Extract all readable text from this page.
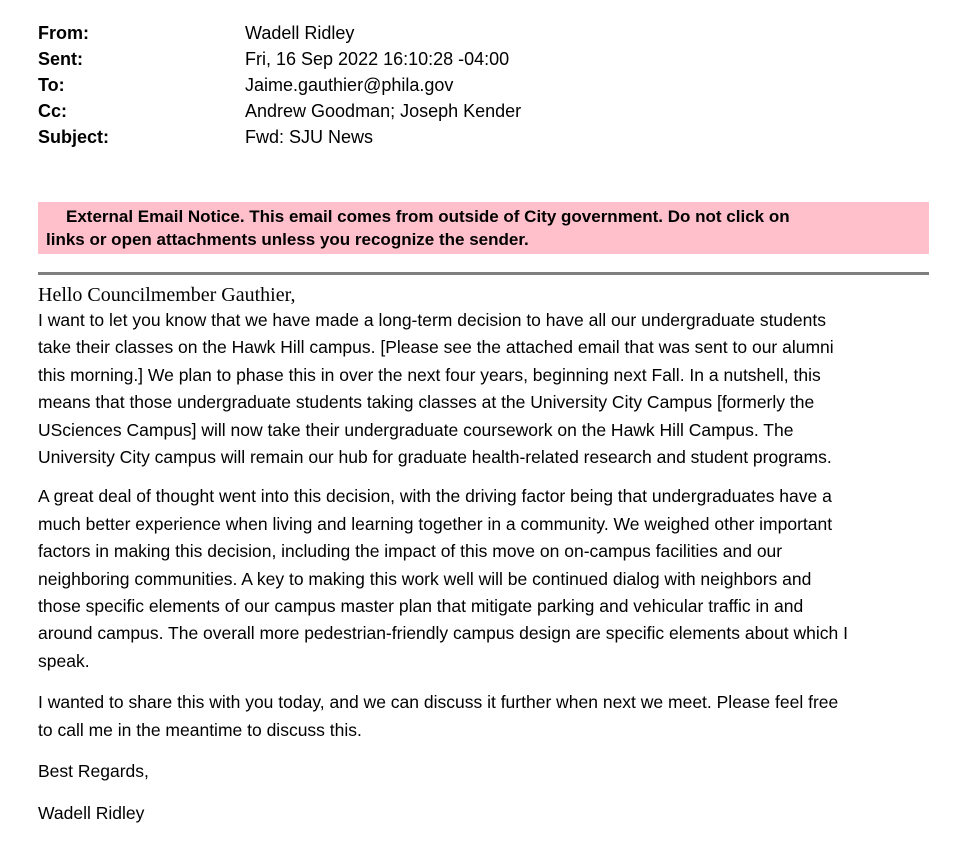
From:	Wadell Ridley
Sent:	Fri, 16 Sep 2022 16:10:28 -04:00
To:	Jaime.gauthier@phila.gov
Cc:	Andrew Goodman; Joseph Kender
Subject:	Fwd: SJU News
External Email Notice. This email comes from outside of City government. Do not click on
links or open attachments unless you recognize the sender.
Hello Councilmember Gauthier,

I want to let you know that we have made a long-term decision to have all our undergraduate students
take their classes on the Hawk Hill campus. [Please see the attached email that was sent to our alumni
this morning.] We plan to phase this in over the next four years, beginning next Fall. In a nutshell, this
means that those undergraduate students taking classes at the University City Campus [formerly the
USciences Campus] will now take their undergraduate coursework on the Hawk Hill Campus. The
University City campus will remain our hub for graduate health-related research and student programs.

A great deal of thought went into this decision, with the driving factor being that undergraduates have a
much better experience when living and learning together in a community. We weighed other important
factors in making this decision, including the impact of this move on on-campus facilities and our
neighboring communities. A key to making this work well will be continued dialog with neighbors and
those specific elements of our campus master plan that mitigate parking and vehicular traffic in and
around campus. The overall more pedestrian-friendly campus design are specific elements about which I
speak.

I wanted to share this with you today, and we can discuss it further when next we meet. Please feel free
to call me in the meantime to discuss this.

Best Regards,

Wadell Ridley
